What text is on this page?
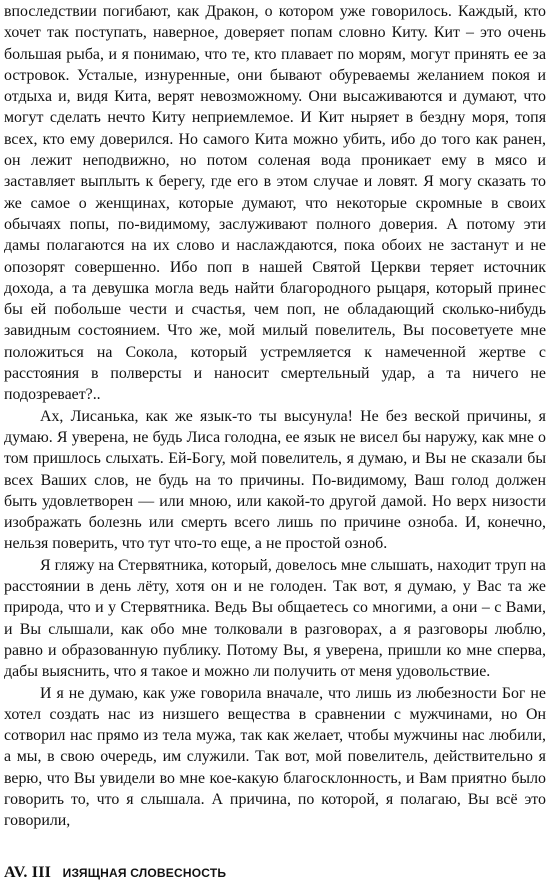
впоследствии погибают, как Дракон, о котором уже говорилось. Каждый, кто хочет так поступать, наверное, доверяет попам словно Киту. Кит – это очень большая рыба, и я понимаю, что те, кто плавает по морям, могут принять ее за островок. Усталые, изнуренные, они бывают обуреваемы желанием покоя и отдыха и, видя Кита, верят невозможному. Они высаживаются и думают, что могут сделать нечто Киту неприемлемое. И Кит ныряет в бездну моря, топя всех, кто ему доверился. Но самого Кита можно убить, ибо до того как ранен, он лежит неподвижно, но потом соленая вода проникает ему в мясо и заставляет выплыть к берегу, где его в этом случае и ловят. Я могу сказать то же самое о женщинах, которые думают, что некоторые скромные в своих обычаях попы, по-видимому, заслуживают полного доверия. А потому эти дамы полагаются на их слово и наслаждаются, пока обоих не застанут и не опозорят совершенно. Ибо поп в нашей Святой Церкви теряет источник дохода, а та девушка могла ведь найти благородного рыцаря, который принес бы ей побольше чести и счастья, чем поп, не обладающий сколько-нибудь завидным состоянием. Что же, мой милый повелитель, Вы посоветуете мне положиться на Сокола, который устремляется к намеченной жертве с расстояния в полверсты и наносит смертельный удар, а та ничего не подозревает?..

Ах, Лисанька, как же язык-то ты высунула! Не без веской причины, я думаю. Я уверена, не будь Лиса голодна, ее язык не висел бы наружу, как мне о том пришлось слыхать. Ей-Богу, мой повелитель, я думаю, и Вы не сказали бы всех Ваших слов, не будь на то причины. По-видимому, Ваш голод должен быть удовлетворен — или мною, или какой-то другой дамой. Но верх низости изображать болезнь или смерть всего лишь по причине озноба. И, конечно, нельзя поверить, что тут что-то еще, а не простой озноб.

Я гляжу на Стервятника, который, довелось мне слышать, находит труп на расстоянии в день лёту, хотя он и не голоден. Так вот, я думаю, у Вас та же природа, что и у Стервятника. Ведь Вы общаетесь со многими, а они – с Вами, и Вы слышали, как обо мне толковали в разговорах, а я разговоры люблю, равно и образованную публику. Потому Вы, я уверена, пришли ко мне сперва, дабы выяснить, что я такое и можно ли получить от меня удовольствие.

И я не думаю, как уже говорила вначале, что лишь из любезности Бог не хотел создать нас из низшего вещества в сравнении с мужчинами, но Он сотворил нас прямо из тела мужа, так как желает, чтобы мужчины нас любили, а мы, в свою очередь, им служили. Так вот, мой повелитель, действительно я верю, что Вы увидели во мне кое-какую благосклонность, и Вам приятно было говорить то, что я слышала. А причина, по которой, я полагаю, Вы всё это говорили,

AV. III ИЗЯЩНАЯ СЛОВЕСНОСТЬ
